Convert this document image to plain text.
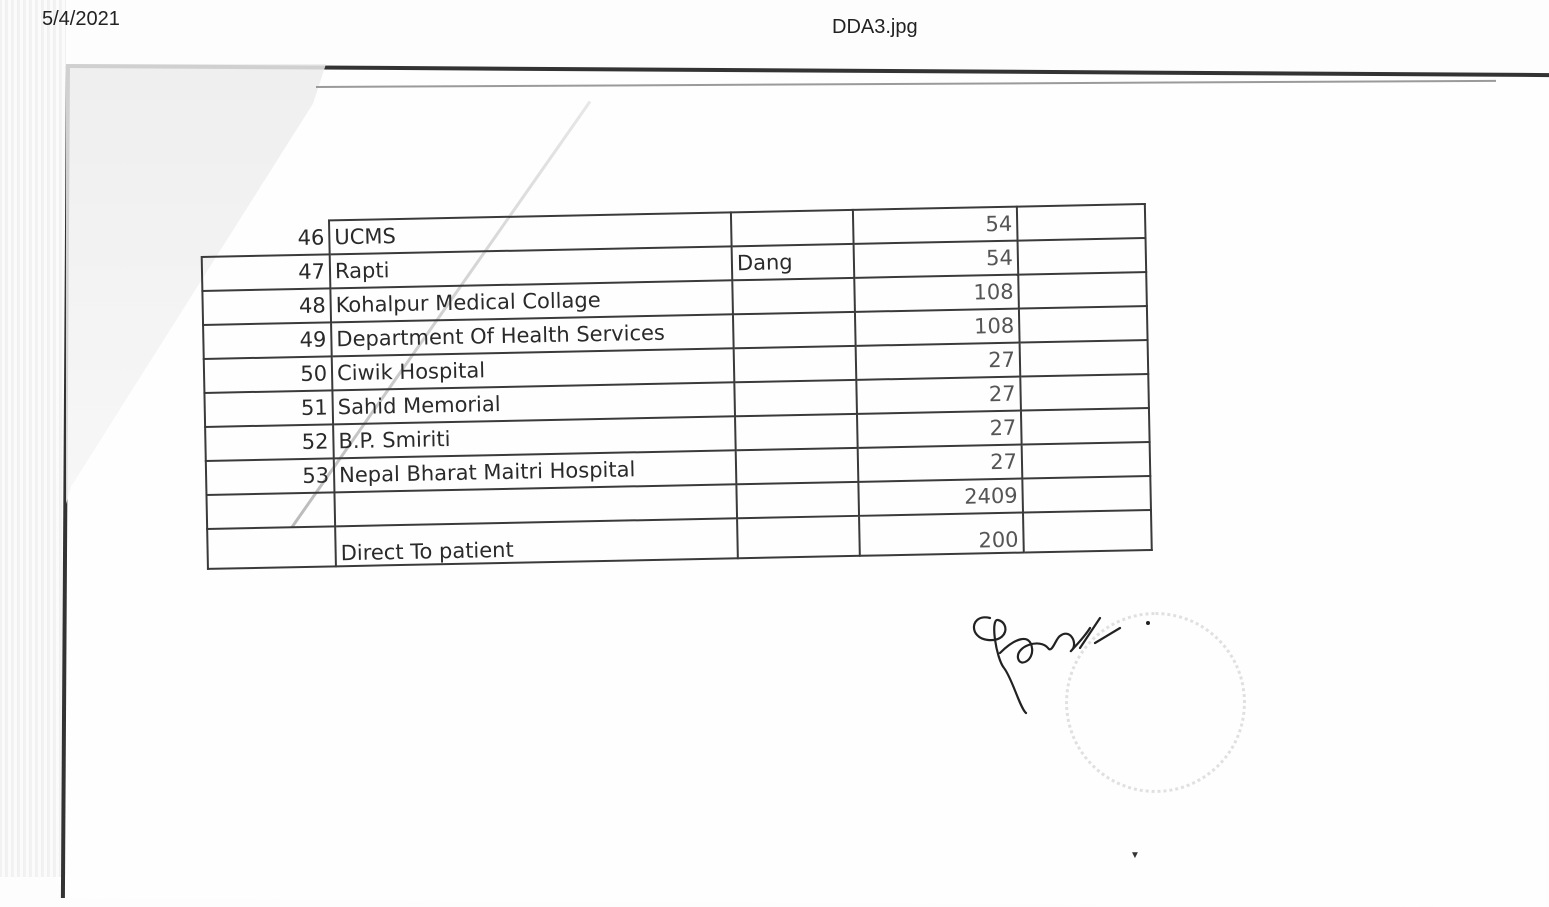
5/4/2021	DDA3.jpg
46	UCMS		54	
47	Rapti	Dang	54	
48	Kohalpur Medical Collage		108	
49	Department Of Health Services		108	
50	Ciwik Hospital		27	
51	Sahid Memorial		27	
52	B.P. Smiriti		27	
53	Nepal Bharat Maitri Hospital		27	
			2409	
	Direct To patient		200	
▼
